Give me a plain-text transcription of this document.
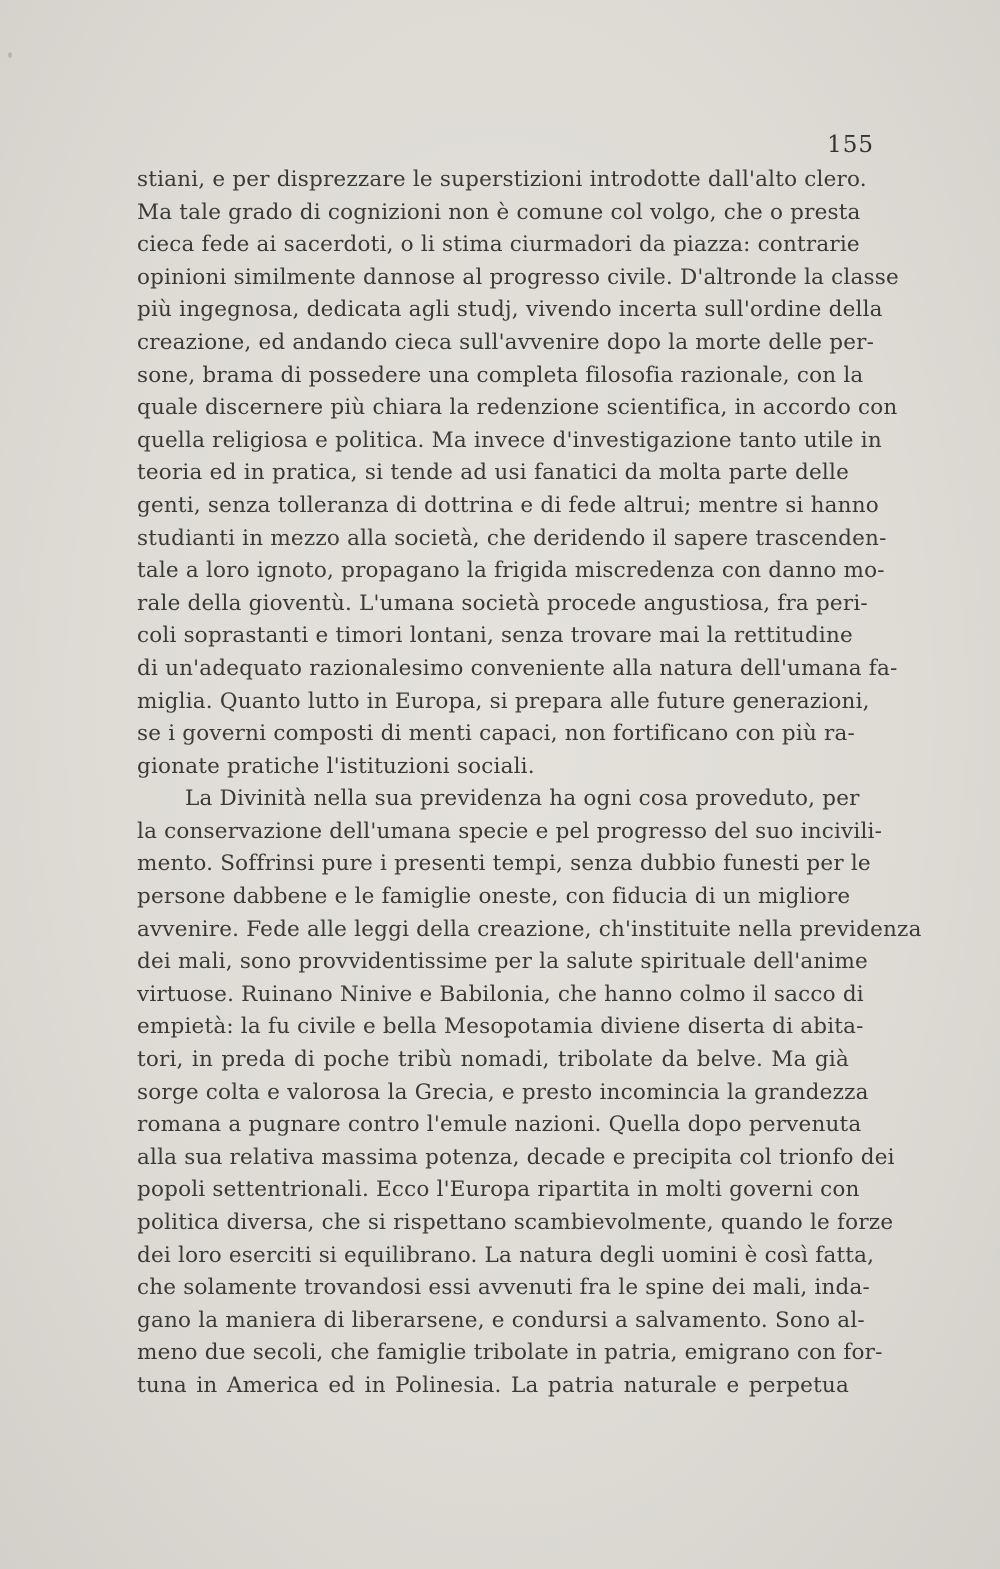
155
stiani, e per disprezzare le superstizioni introdotte dall'alto clero.
Ma tale grado di cognizioni non è comune col volgo, che o presta
cieca fede ai sacerdoti, o li stima ciurmadori da piazza: contrarie
opinioni similmente dannose al progresso civile. D'altronde la classe
più ingegnosa, dedicata agli studj, vivendo incerta sull'ordine della
creazione, ed andando cieca sull'avvenire dopo la morte delle per-
sone, brama di possedere una completa filosofia razionale, con la
quale discernere più chiara la redenzione scientifica, in accordo con
quella religiosa e politica. Ma invece d'investigazione tanto utile in
teoria ed in pratica, si tende ad usi fanatici da molta parte delle
genti, senza tolleranza di dottrina e di fede altrui; mentre si hanno
studianti in mezzo alla società, che deridendo il sapere trascenden-
tale a loro ignoto, propagano la frigida miscredenza con danno mo-
rale della gioventù. L'umana società procede angustiosa, fra peri-
coli soprastanti e timori lontani, senza trovare mai la rettitudine
di un'adequato razionalesimo conveniente alla natura dell'umana fa-
miglia. Quanto lutto in Europa, si prepara alle future generazioni,
se i governi composti di menti capaci, non fortificano con più ra-
gionate pratiche l'istituzioni sociali.
La Divinità nella sua previdenza ha ogni cosa proveduto, per
la conservazione dell'umana specie e pel progresso del suo incivili-
mento. Soffrinsi pure i presenti tempi, senza dubbio funesti per le
persone dabbene e le famiglie oneste, con fiducia di un migliore
avvenire. Fede alle leggi della creazione, ch'instituite nella previdenza
dei mali, sono provvidentissime per la salute spirituale dell'anime
virtuose. Ruinano Ninive e Babilonia, che hanno colmo il sacco di
empietà: la fu civile e bella Mesopotamia diviene diserta di abita-
tori, in preda di poche tribù nomadi, tribolate da belve. Ma già
sorge colta e valorosa la Grecia, e presto incomincia la grandezza
romana a pugnare contro l'emule nazioni. Quella dopo pervenuta
alla sua relativa massima potenza, decade e precipita col trionfo dei
popoli settentrionali. Ecco l'Europa ripartita in molti governi con
politica diversa, che si rispettano scambievolmente, quando le forze
dei loro eserciti si equilibrano. La natura degli uomini è così fatta,
che solamente trovandosi essi avvenuti fra le spine dei mali, inda-
gano la maniera di liberarsene, e condursi a salvamento. Sono al-
meno due secoli, che famiglie tribolate in patria, emigrano con for-
tuna in America ed in Polinesia. La patria naturale e perpetua
